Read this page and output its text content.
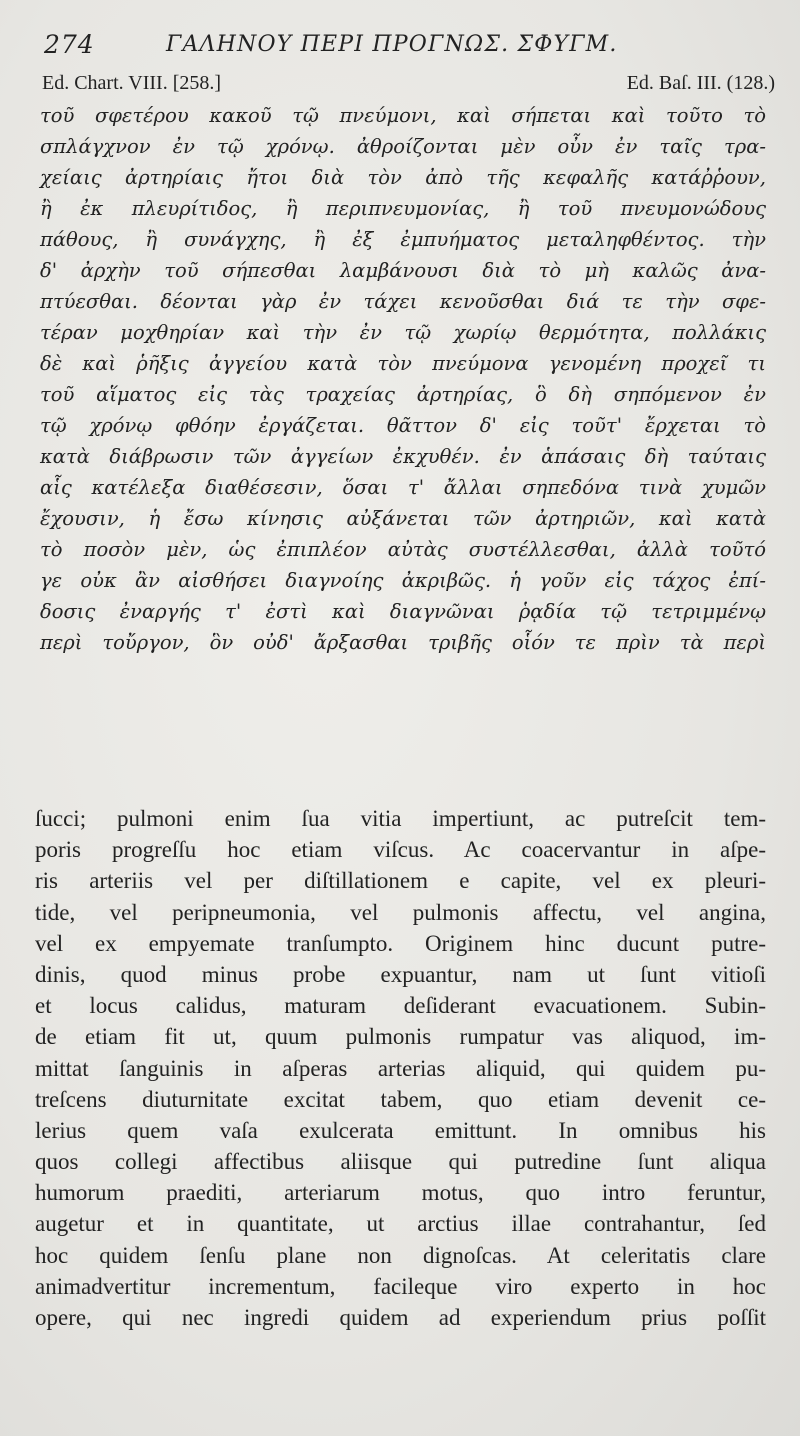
274	ΓΑΛΗΝΟΥ ΠΕΡΙ ΠΡΟΓΝΩΣ. ΣΦΥΓΜ.
Ed. Chart. VIII. [258.]	Ed. Baſ. III. (128.)
τοῦ σφετέρου κακοῦ τῷ πνεύμονι, καὶ σήπεται καὶ τοῦτο τὸ
σπλάγχνον ἐν τῷ χρόνῳ. ἀθροίζονται μὲν οὖν ἐν ταῖς τρα-
χείαις ἀρτηρίαις ἤτοι διὰ τὸν ἀπὸ τῆς κεφαλῆς κατάῤῥουν,
ἢ ἐκ πλευρίτιδος, ἢ περιπνευμονίας, ἢ τοῦ πνευμονώδους
πάθους, ἢ συνάγχης, ἢ ἐξ ἐμπυήματος μεταληφθέντος. τὴν
δ' ἀρχὴν τοῦ σήπεσθαι λαμβάνουσι διὰ τὸ μὴ καλῶς ἀνα-
πτύεσθαι. δέονται γὰρ ἐν τάχει κενοῦσθαι διά τε τὴν σφε-
τέραν μοχθηρίαν καὶ τὴν ἐν τῷ χωρίῳ θερμότητα, πολλάκις
δὲ καὶ ῥῆξις ἀγγείου κατὰ τὸν πνεύμονα γενομένη προχεῖ τι
τοῦ αἵματος εἰς τὰς τραχείας ἀρτηρίας, ὃ δὴ σηπόμενον ἐν
τῷ χρόνῳ φθόην ἐργάζεται. θᾶττον δ' εἰς τοῦτ' ἔρχεται τὸ
κατὰ διάβρωσιν τῶν ἀγγείων ἐκχυθέν. ἐν ἁπάσαις δὴ ταύταις
αἷς κατέλεξα διαθέσεσιν, ὅσαι τ' ἄλλαι σηπεδόνα τινὰ χυμῶν
ἔχουσιν, ἡ ἔσω κίνησις αὐξάνεται τῶν ἀρτηριῶν, καὶ κατὰ
τὸ ποσὸν μὲν, ὡς ἐπιπλέον αὐτὰς συστέλλεσθαι, ἀλλὰ τοῦτό
γε οὐκ ἂν αἰσθήσει διαγνοίης ἀκριβῶς. ἡ γοῦν εἰς τάχος ἐπί-
δοσις ἐναργής τ' ἐστὶ καὶ διαγνῶναι ῥᾳδία τῷ τετριμμένῳ
περὶ τοὔργον, ὃν οὐδ' ἄρξασθαι τριβῆς οἷόν τε πρὶν τὰ περὶ
ſucci; pulmoni enim ſua vitia impertiunt, ac putreſcit tem-
poris progreſſu hoc etiam viſcus. Ac coacervantur in aſpe-
ris arteriis vel per diſtillationem e capite, vel ex pleuri-
tide, vel peripneumonia, vel pulmonis affectu, vel angina,
vel ex empyemate tranſumpto. Originem hinc ducunt putre-
dinis, quod minus probe expuantur, nam ut ſunt vitioſi
et locus calidus, maturam deſiderant evacuationem. Subin-
de etiam fit ut, quum pulmonis rumpatur vas aliquod, im-
mittat ſanguinis in aſperas arterias aliquid, qui quidem pu-
treſcens diuturnitate excitat tabem, quo etiam devenit ce-
lerius quem vaſa exulcerata emittunt. In omnibus his
quos collegi affectibus aliisque qui putredine ſunt aliqua
humorum praediti, arteriarum motus, quo intro feruntur,
augetur et in quantitate, ut arctius illae contrahantur, ſed
hoc quidem ſenſu plane non dignoſcas. At celeritatis clare
animadvertitur incrementum, facileque viro experto in hoc
opere, qui nec ingredi quidem ad experiendum prius poſſit
